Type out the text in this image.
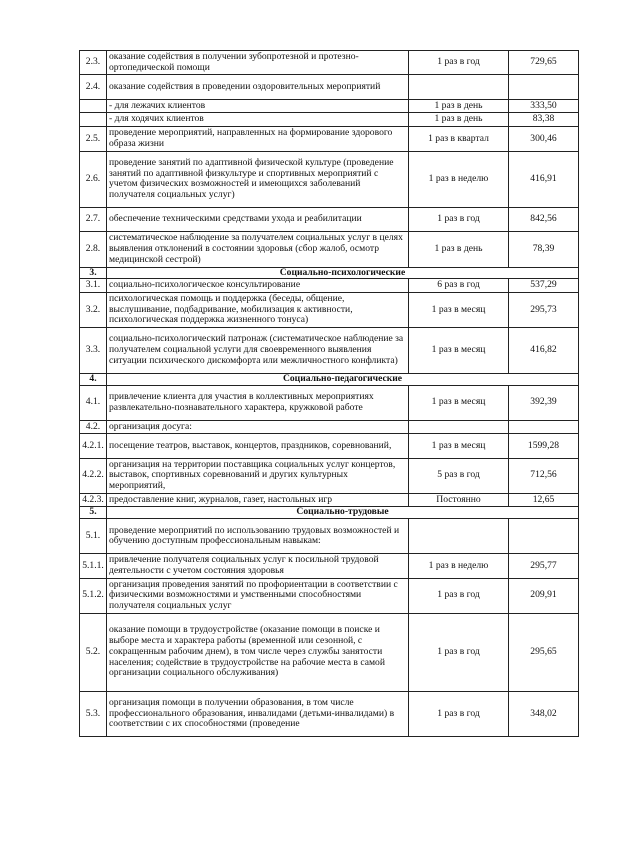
2.3.	оказание содействия в получении зубопротезной и протезно-ортопедической помощи	1 раз в год	729,65
2.4.	оказание содействия в проведении оздоровительных мероприятий		
	- для лежачих клиентов	1 раз в день	333,50
	- для ходячих клиентов	1 раз в день	83,38
2.5.	проведение мероприятий, направленных на формирование здорового образа жизни	1 раз в квартал	300,46
2.6.	проведение занятий по адаптивной физической культуре (проведение занятий по адаптивной физкультуре и спортивных мероприятий с учетом физических возможностей и имеющихся заболеваний получателя социальных услуг)	1 раз в неделю	416,91
2.7.	обеспечение техническими средствами ухода и реабилитации	1 раз в год	842,56
2.8.	систематическое наблюдение за получателем социальных услуг в целях выявления отклонений в состоянии здоровья (сбор жалоб, осмотр медицинской сестрой)	1 раз в день	78,39
3.	Социально-психологические		
3.1.	социально-психологическое консультирование	6 раз в год	537,29
3.2.	психологическая помощь и поддержка (беседы, общение, выслушивание, подбадривание, мобилизация к активности, психологическая поддержка жизненного тонуса)	1 раз в месяц	295,73
3.3.	социально-психологический патронаж (систематическое наблюдение за получателем социальной услуги для своевременного выявления ситуации психического дискомфорта или межличностного конфликта)	1 раз в месяц	416,82
4.	Социально-педагогические		
4.1.	привлечение клиента для участия в коллективных мероприятиях развлекательно-познавательного характера, кружковой работе	1 раз в месяц	392,39
4.2.	организация досуга:		
4.2.1.	посещение театров, выставок, концертов, праздников, соревнований,	1 раз в месяц	1599,28
4.2.2.	организация на территории поставщика социальных услуг концертов, выставок, спортивных соревнований и других культурных мероприятий,	5 раз в год	712,56
4.2.3.	предоставление книг, журналов, газет, настольных игр	Постоянно	12,65
5.	Социально-трудовые		
5.1.	проведение мероприятий по использованию трудовых возможностей и обучению доступным профессиональным навыкам:		
5.1.1.	привлечение получателя социальных услуг к посильной трудовой деятельности с учетом состояния здоровья	1 раз в неделю	295,77
5.1.2.	организация проведения занятий по профориентации в соответствии с физическими возможностями и умственными способностями получателя социальных услуг	1 раз в год	209,91
5.2.	оказание помощи в трудоустройстве (оказание помощи в поиске и выборе места и характера работы (временной или сезонной, с сокращенным рабочим днем), в том числе через службы занятости населения; содействие в трудоустройстве на рабочие места в самой организации социального обслуживания)	1 раз в год	295,65
5.3.	организация помощи в получении образования, в том числе профессионального образования, инвалидами (детьми-инвалидами) в соответствии с их способностями (проведение	1 раз в год	348,02
